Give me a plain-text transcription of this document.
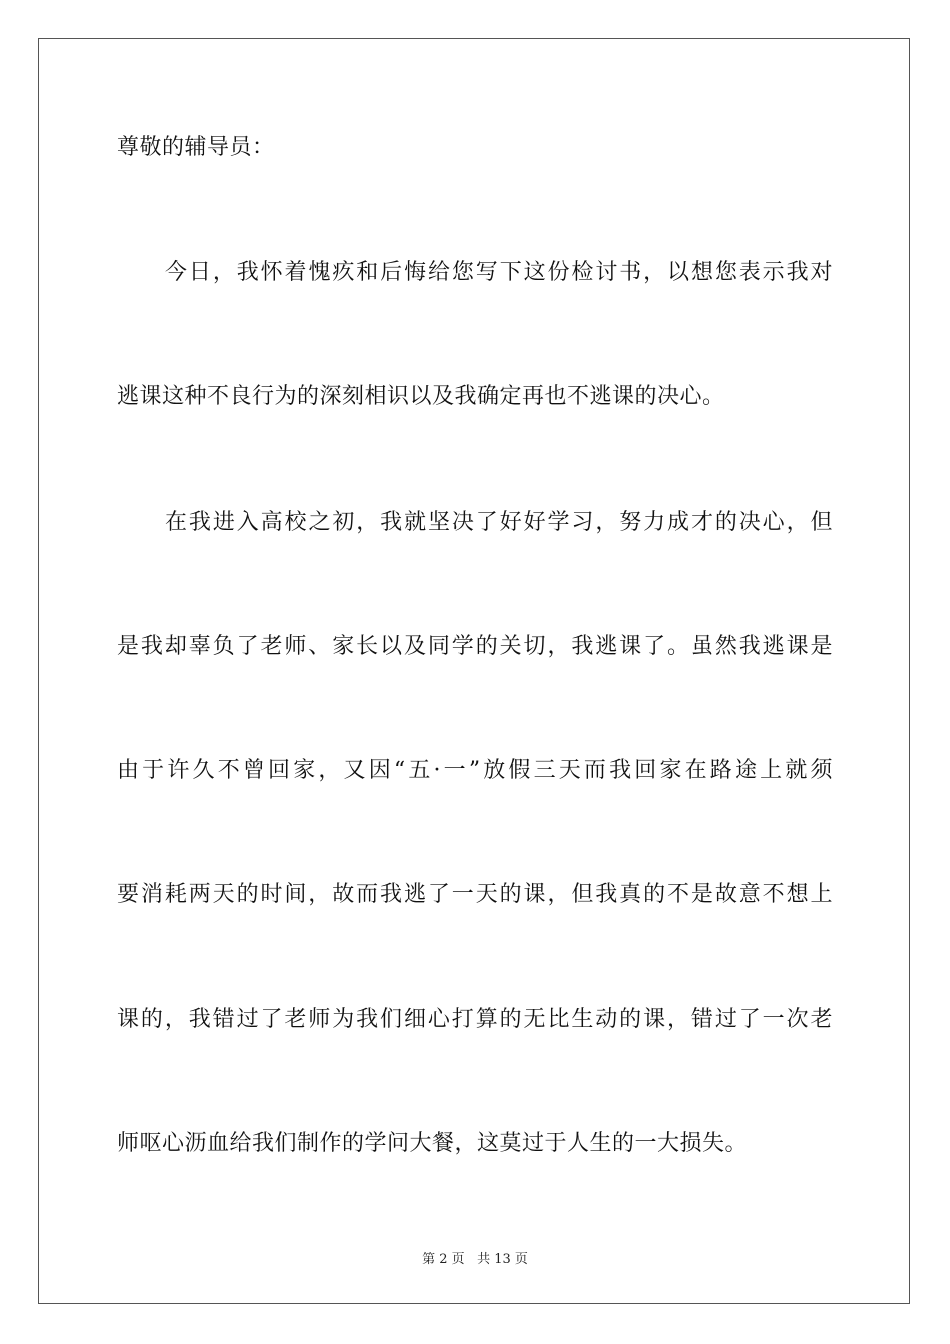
尊敬的辅导员：
今日，我怀着愧疚和后悔给您写下这份检讨书，以想您表示我对
逃课这种不良行为的深刻相识以及我确定再也不逃课的决心。
在我进入高校之初，我就坚决了好好学习，努力成才的决心，但
是我却辜负了老师、家长以及同学的关切，我逃课了。虽然我逃课是
由于许久不曾回家，又因“五·一”放假三天而我回家在路途上就须
要消耗两天的时间，故而我逃了一天的课，但我真的不是故意不想上
课的，我错过了老师为我们细心打算的无比生动的课，错过了一次老
师呕心沥血给我们制作的学问大餐，这莫过于人生的一大损失。
第 2 页 共 13 页
